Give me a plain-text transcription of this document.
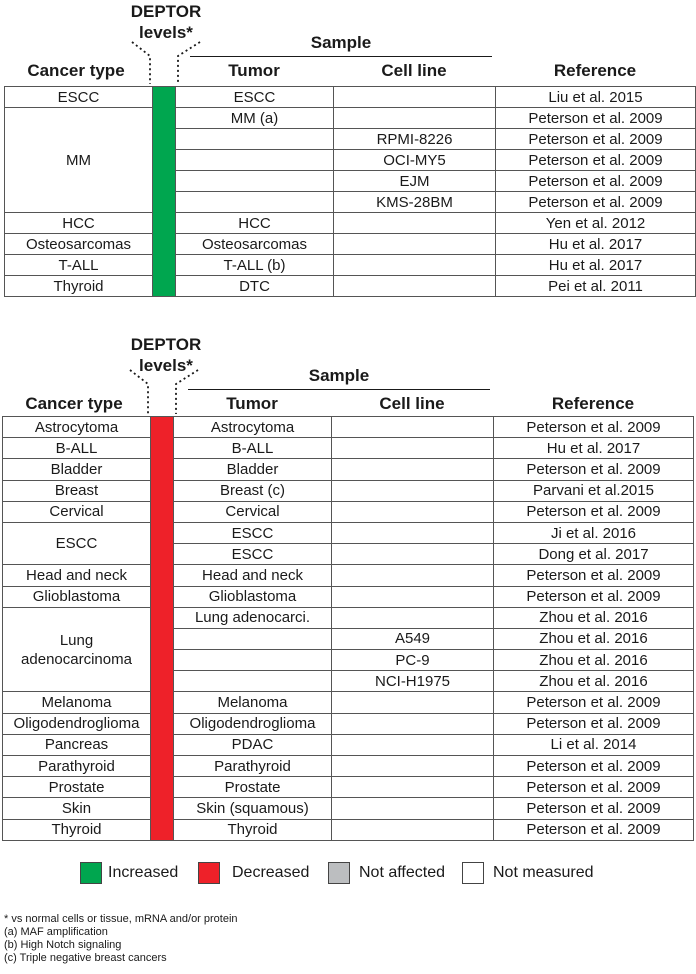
DEPTOR
levels*
Sample
Cancer type	Tumor	Cell line	Reference
ESCC		ESCC		Liu et al. 2015
MM		MM (a)		Peterson et al. 2009
			RPMI-8226	Peterson et al. 2009
			OCI-MY5	Peterson et al. 2009
			EJM	Peterson et al. 2009
			KMS-28BM	Peterson et al. 2009
HCC		HCC		Yen et al. 2012
Osteosarcomas		Osteosarcomas		Hu et al. 2017
T-ALL		T-ALL (b)		Hu et al. 2017
Thyroid		DTC		Pei et al. 2011
DEPTOR
levels*
Sample
Cancer type	Tumor	Cell line	Reference
Astrocytoma		Astrocytoma		Peterson et al. 2009
B-ALL		B-ALL		Hu et al. 2017
Bladder		Bladder		Peterson et al. 2009
Breast		Breast (c)		Parvani et al.2015
Cervical		Cervical		Peterson et al. 2009
ESCC		ESCC		Ji et al. 2016
		ESCC		Dong et al. 2017
Head and neck		Head and neck		Peterson et al. 2009
Glioblastoma		Glioblastoma		Peterson et al. 2009
Lung adenocarcinoma		Lung adenocarci.		Zhou et al. 2016
			A549	Zhou et al. 2016
			PC-9	Zhou et al. 2016
			NCI-H1975	Zhou et al. 2016
Melanoma		Melanoma		Peterson et al. 2009
Oligodendroglioma		Oligodendroglioma		Peterson et al. 2009
Pancreas		PDAC		Li et al. 2014
Parathyroid		Parathyroid		Peterson et al. 2009
Prostate		Prostate		Peterson et al. 2009
Skin		Skin (squamous)		Peterson et al. 2009
Thyroid		Thyroid		Peterson et al. 2009
Increased	Decreased	Not affected	Not measured
* vs normal cells or tissue, mRNA and/or protein
(a) MAF amplification
(b) High Notch signaling
(c) Triple negative breast cancers
